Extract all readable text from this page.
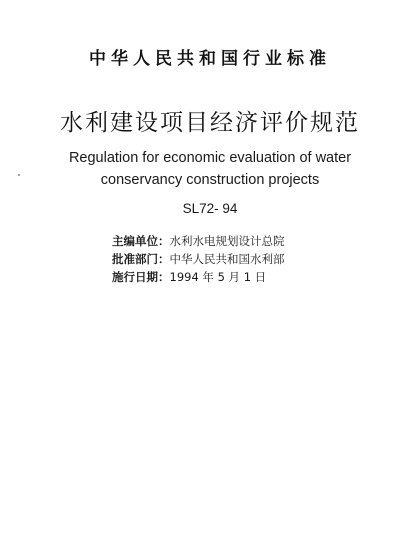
中华人民共和国行业标准
水利建设项目经济评价规范
Regulation for economic evaluation of water
conservancy construction projects
SL72- 94
主编单位：水利水电规划设计总院
批准部门：中华人民共和国水利部
施行日期：1994 年 5 月 1 日
